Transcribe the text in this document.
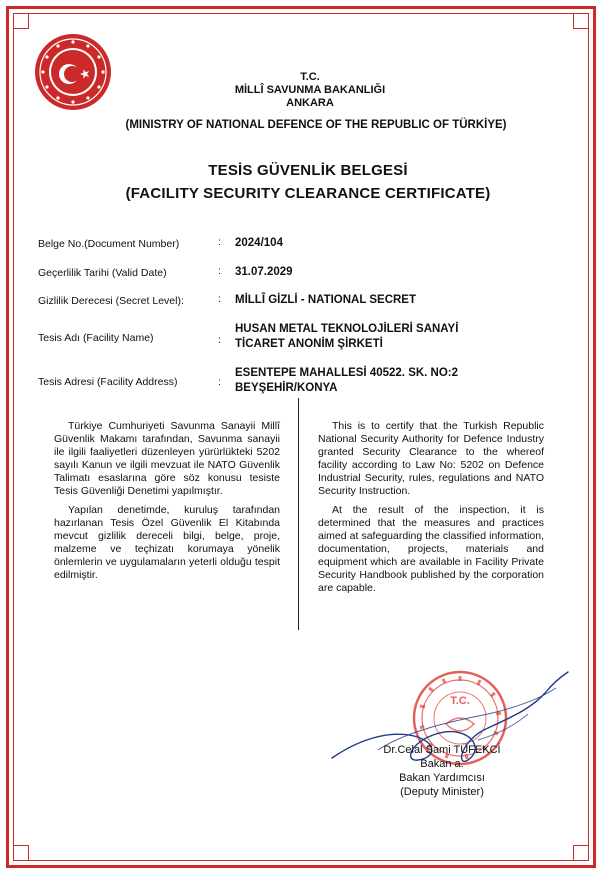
T.C.
MİLLÎ SAVUNMA BAKANLIĞI
ANKARA
(MINISTRY OF NATIONAL DEFENCE OF THE REPUBLIC OF TÜRKİYE)
TESİS GÜVENLİK BELGESİ
(FACILITY SECURITY CLEARANCE CERTIFICATE)
Belge No.(Document Number)	: 2024/104
Geçerlilik Tarihi (Valid Date)	: 31.07.2029
Gizlilik Derecesi (Secret Level):	: MİLLÎ GİZLİ - NATIONAL SECRET
Tesis Adı (Facility Name)	:
HUSAN METAL TEKNOLOJİLERİ SANAYİ
TİCARET ANONİM ŞİRKETİ
Tesis Adresi (Facility Address)	:
ESENTEPE MAHALLESİ 40522. SK. NO:2
BEYŞEHİR/KONYA

Türkiye Cumhuriyeti Savunma Sanayii Millî Güvenlik Makamı tarafından, Savunma sanayii ile ilgili faaliyetleri düzenleyen yürürlükteki 5202 sayılı Kanun ve ilgili mevzuat ile NATO Güvenlik Talimatı esaslarına göre söz konusu tesiste Tesis Güvenliği Denetimi yapılmıştır.

Yapılan denetimde, kuruluş tarafından hazırlanan Tesis Özel Güvenlik El Kitabında mevcut gizlilik dereceli bilgi, belge, proje, malzeme ve teçhizatı korumaya yönelik önlemlerin ve uygulamaların yeterli olduğu tespit edilmiştir.

This is to certify that the Turkish Republic National Security Authority for Defence Industry granted Security Clearance to the whereof facility according to Law No: 5202 on Defence Industrial Security, rules, regulations and NATO Security Instruction.

At the result of the inspection, it is determined that the measures and practices aimed at safeguarding the classified information, documentation, projects, materials and equipment which are available in Facility Private Security Handbook published by the corporation are capable.

T.C.
Dr.Celal Sami TÜFEKCİ
Bakan a.
Bakan Yardımcısı
(Deputy Minister)
